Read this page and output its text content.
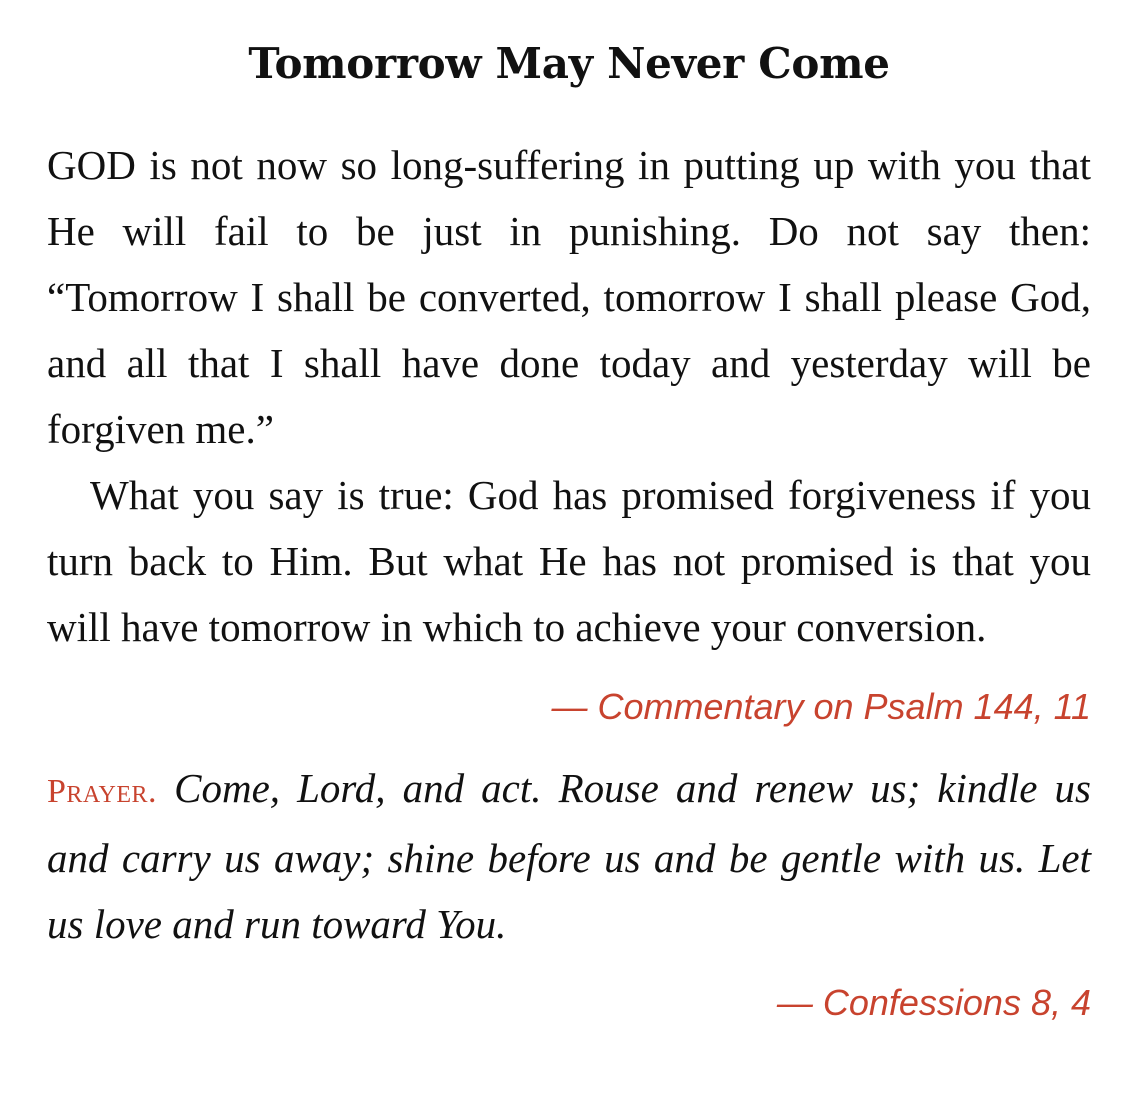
Tomorrow May Never Come

GOD is not now so long-suffering in putting up with you that He will fail to be just in punishing. Do not say then: “Tomorrow I shall be converted, tomorrow I shall please God, and all that I shall have done today and yesterday will be forgiven me.”

What you say is true: God has promised forgiveness if you turn back to Him. But what He has not promised is that you will have tomorrow in which to achieve your conversion.

— Commentary on Psalm 144, 11

Prayer. Come, Lord, and act. Rouse and renew us; kindle us and carry us away; shine before us and be gentle with us. Let us love and run toward You.

— Confessions 8, 4
